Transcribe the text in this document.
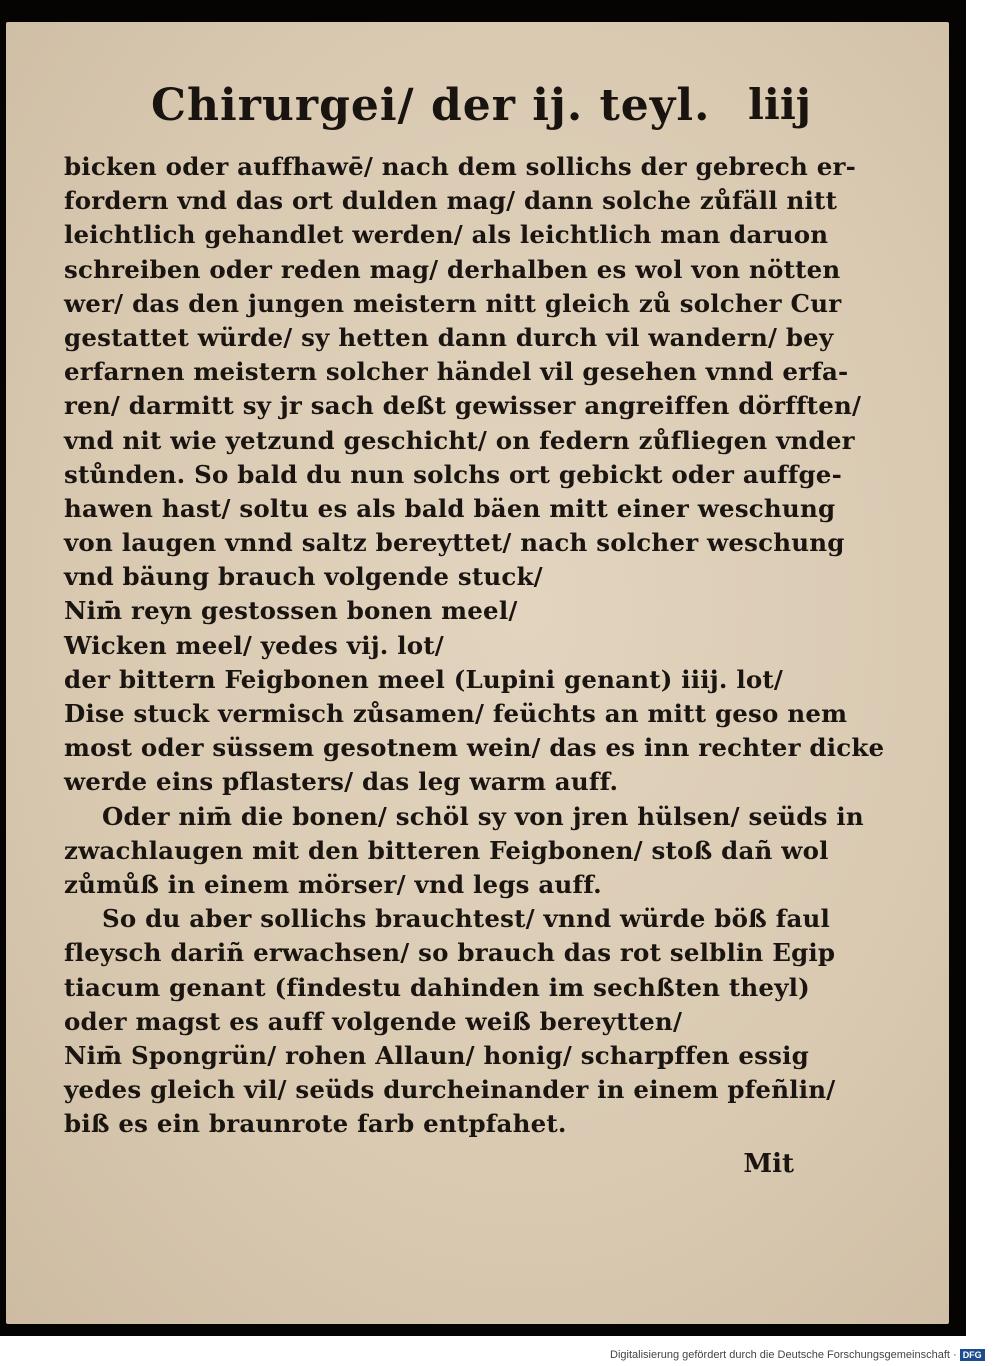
Chirurgei/ der ij. teyl. liij
bicken oder auffhawē/ nach dem sollichs der gebrech er‑
fordern vnd das ort dulden mag/ dann solche zůfäll nitt
leichtlich gehandlet werden/ als leichtlich man daruon
schreiben oder reden mag/ derhalben es wol von nötten
wer/ das den jungen meistern nitt gleich zů solcher Cur
gestattet würde/ sy hetten dann durch vil wandern/ bey
erfarnen meistern solcher händel vil gesehen vnnd erfa‑
ren/ darmitt sy jr sach deßt gewisser angreiffen dörfften/
vnd nit wie yetzund geschicht/ on federn zůfliegen vnder
stůnden. So bald du nun solchs ort gebickt oder auffge‑
hawen hast/ soltu es als bald bäen mitt einer weschung
von laugen vnnd saltz bereyttet/ nach solcher weschung
vnd bäung brauch volgende stuck/
Nim̄ reyn gestossen bonen meel/
Wicken meel/ yedes vij. lot/
der bittern Feigbonen meel (Lupini genant) iiij. lot/
Dise stuck vermisch zůsamen/ feüchts an mitt geso nem
most oder süssem gesotnem wein/ das es inn rechter dicke
werde eins pflasters/ das leg warm auff.
Oder nim̄ die bonen/ schöl sy von jren hülsen/ seüds in
zwachlaugen mit den bitteren Feigbonen/ stoß dañ wol
zůmůß in einem mörser/ vnd legs auff.
So du aber sollichs brauchtest/ vnnd würde böß faul
fleysch dariñ erwachsen/ so brauch das rot selblin Egip
tiacum genant (findestu dahinden im sechßten theyl)
oder magst es auff volgende weiß bereytten/
Nim̄ Spongrün/ rohen Allaun/ honig/ scharpffen essig
yedes gleich vil/ seüds durcheinander in einem pfeñlin/
biß es ein braunrote farb entpfahet.
Mit
Digitalisierung gefördert durch die Deutsche Forschungsgemeinschaft · DFG
